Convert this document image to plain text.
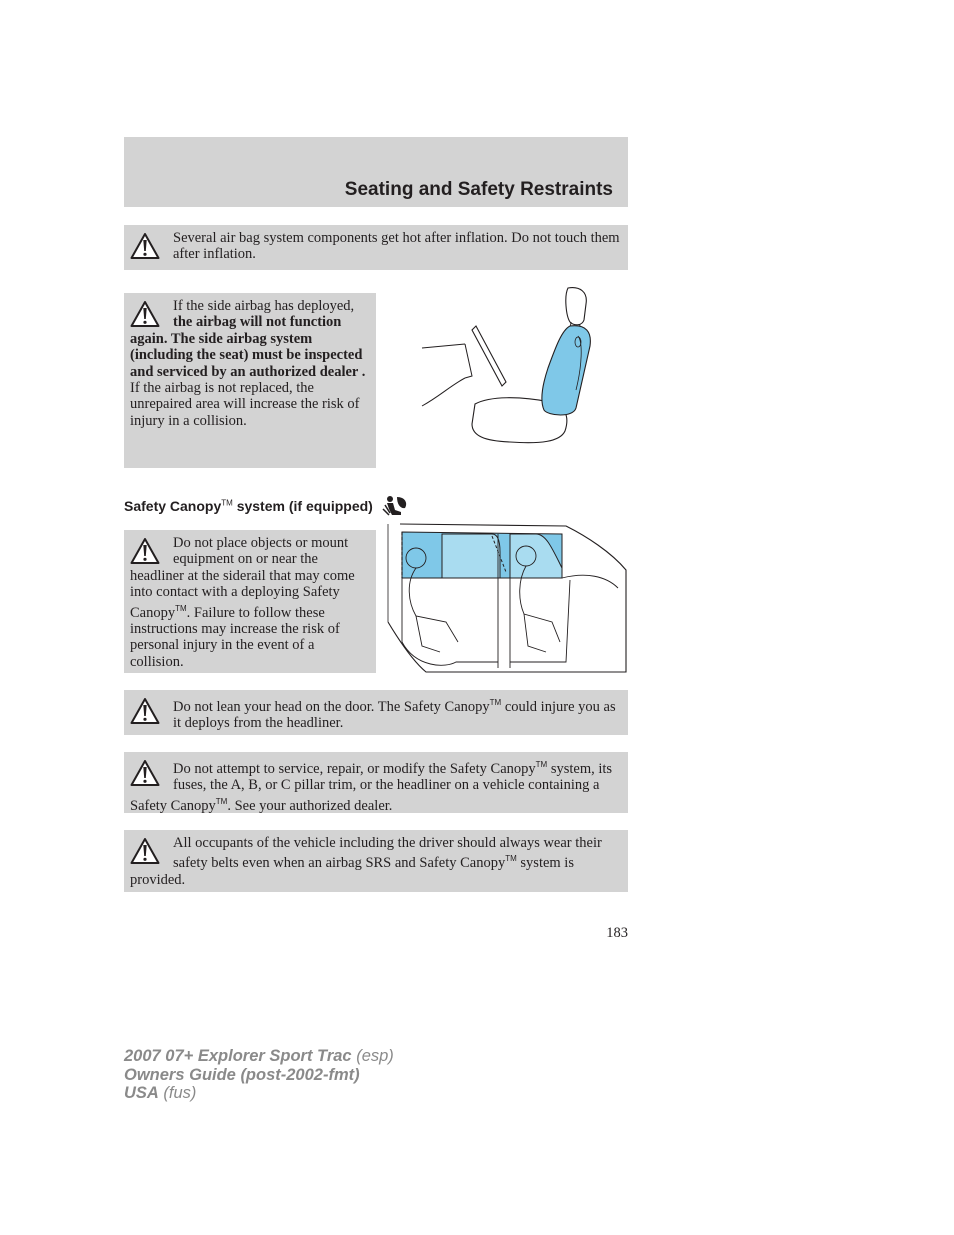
Seating and Safety Restraints
Several air bag system components get hot after inflation. Do not touch them after inflation.
If the side airbag has deployed, the airbag will not function again. The side airbag system (including the seat) must be inspected and serviced by an authorized dealer . If the airbag is not replaced, the unrepaired area will increase the risk of injury in a collision.
Safety Canopy™ system (if equipped)
Do not place objects or mount equipment on or near the headliner at the siderail that may come into contact with a deploying Safety Canopy™. Failure to follow these instructions may increase the risk of personal injury in the event of a collision.
Do not lean your head on the door. The Safety Canopy™ could injure you as it deploys from the headliner.
Do not attempt to service, repair, or modify the Safety Canopy™ system, its fuses, the A, B, or C pillar trim, or the headliner on a vehicle containing a Safety Canopy™. See your authorized dealer.
All occupants of the vehicle including the driver should always wear their safety belts even when an airbag SRS and Safety Canopy™ system is provided.
183
2007 07+ Explorer Sport Trac (esp)
Owners Guide (post-2002-fmt)
USA (fus)
